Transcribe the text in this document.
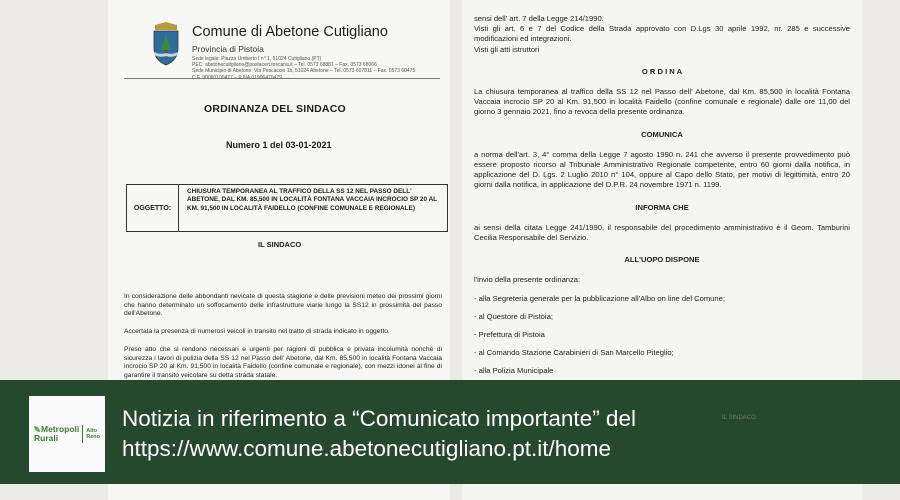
Comune di Abetone Cutigliano
Provincia di Pistoia
Sede legale: Piazza Umberto I n° 1, 51024 Cutigliano (PT)
PEC: abetonecutigliano@postacert.toscana.it – Tel. 0573 68881 – Fax. 0573 68066
Sede Municipio di Abetone: Via Pescaccio 1b, 51024 Abetone – Tel. 0573 607811 – Fax. 0573 60475
C.F. 90060100477 – P.IVA 01906470479
ORDINANZA DEL SINDACO
Numero 1 del 03-01-2021
OGGETTO:
CHIUSURA TEMPORANEA AL TRAFFICO DELLA SS 12 NEL PASSO DELL' ABETONE, DAL KM. 85,500 IN LOCALITÀ FONTANA VACCAIA INCROCIO SP 20 AL KM. 91,500 IN LOCALITÀ FAIDELLO (CONFINE COMUNALE E REGIONALE)
IL SINDACO

In considerazione delle abbondanti nevicate di questa stagione e delle previsioni meteo dei prossimi giorni che hanno determinato un soffocamento delle infrastrutture viarie lungo la SS12 in prossimità del passo dell'Abetone.

Accertata la presenza di numerosi veicoli in transito nel tratto di strada indicato in oggetto.

Preso atto che si rendono necessari e urgenti per ragioni di pubblica e privata incolumità nonché di sicurezza i lavori di pulizia della SS 12 nel Passo dell' Abetone, dal Km. 85,500 in località Fontana Vaccaia incrocio SP 20 al Km. 91,500 in località Faidello (confine comunale e regionale), con mezzi idonei al fine di garantire il transito veicolare su detta strada statale.

sensi dell' art. 7 della Legge 214/1990.

Visti gli art. 6 e 7 del Codice della Strada approvato con D.Lgs 30 aprile 1992, nr. 285 e successive modificazioni ed integrazioni.

Visti gli atti istruttori

O R D I N A

La chiusura temporanea al traffico della SS 12 nel Passo dell' Abetone, dal Km. 85,500 in località Fontana Vaccaia incrocio SP 20 al Km. 91,500 in località Faidello (confine comunale e regionale) dalle ore 11,00 del giorno 3 gennaio 2021, fino a revoca della presente ordinanza.

COMUNICA

a norma dell'art. 3, 4° comma della Legge 7 agosto 1990 n. 241 che avverso il presente provvedimento può essere proposto ricorso al Tribunale Amministrativo Regionale competente, entro 60 giorni dalla notifica, in applicazione del D. Lgs. 2 Luglio 2010 n° 104, oppure al Capo dello Stato, per motivi di legittimità, entro 20 giorni dalla notifica, in applicazione del D.P.R. 24 novembre 1971 n. 1199.

INFORMA CHE

ai sensi della citata Legge 241/1990, il responsabile del procedimento amministrativo è il Geom. Tamburini Cecilia Responsabile del Servizio.

ALL'UOPO DISPONE

l'invio della presente ordinanza:

- alla Segreteria generale per la pubblicazione all'Albo on line del Comune;

- al Questore di Pistoia;

- Prefettura di Pistoia

- al Comando Stazione Carabinieri di San Marcello Piteglio;

- alla Polizia Municipale

Metropoli
Rurali
Alto
Reno
Notizia in riferimento a “Comunicato importante” del
https://www.comune.abetonecutigliano.pt.it/home
IL SINDACO
